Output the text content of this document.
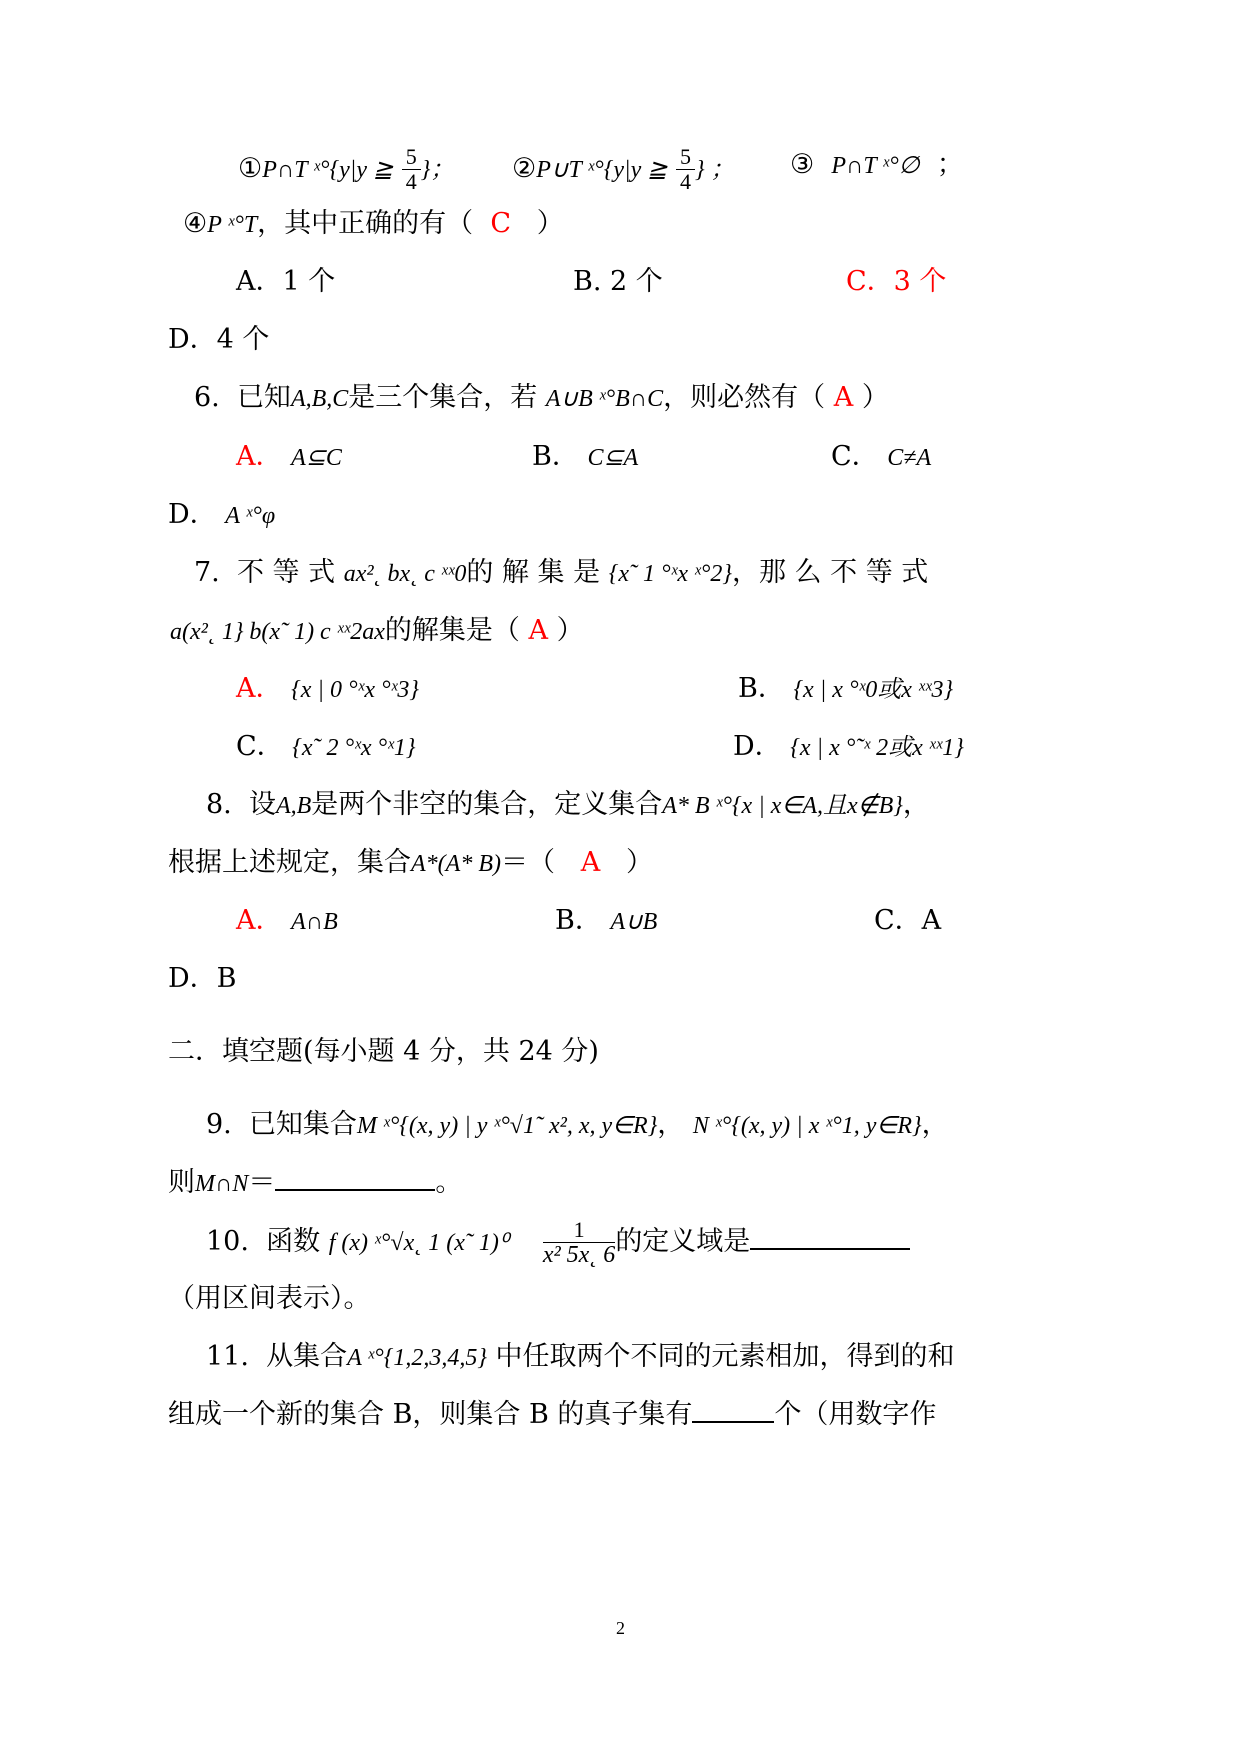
①P∩T ˣ°{y|y ≧ $\frac{5}{4}$ }； ②P∪T ˣ°{y|y ≧ $\frac{5}{4}$ } ； ③ P∩T ˣ°∅ ；
④P ˣ°T，其中正确的有（ C ）
A．1 个	B. 2 个	C．3 个
D．4 个
6. 已知A,B,C是三个集合，若 A∪B ˣ°B∩C，则必然有（ A ）
A． A⊆C	B． C⊆A	C． C≠A
D． A ˣ°φ
7. 不 等 式 ax²˛ bx˛ c ˣˣ0的 解 集 是 {x˜ 1 °ˣx ˣ°2}，那 么 不 等 式
a(x²˛ 1} b(x˜ 1) c ˣˣ2ax的解集是（ A ）
A． {x | 0 °ˣx °ˣ3}	B． {x | x °ˣ0或x ˣˣ3}
C． {x˜ 2 °ˣx °ˣ1}	D． {x | x °˜ˣ 2或x ˣˣ1}
8. 设A,B是两个非空的集合，定义集合A* B ˣ°{x | x∈A,且x∉B}，
根据上述规定，集合A*(A* B)＝（ A ）
A． A∩B	B． A∪B	C．A
D．B
二．填空题(每小题 4 分，共 24 分)
9. 已知集合M ˣ°{(x, y) | y ˣ°√1˜ x², x, y∈R}， N ˣ°{(x, y) | x ˣ°1, y∈R}，
则M∩N＝	。
10. 函数 f (x) ˣ°√x˛ 1 (x˜ $1)^0 \frac{1}{\text{x² 5x˛ 6}}$ 的定义域是
（用区间表示）。
11. 从集合A ˣ°{1,2,3,4,5} 中任取两个不同的元素相加，得到的和
组成一个新的集合 B，则集合 B 的真子集有	个（用数字作
2
